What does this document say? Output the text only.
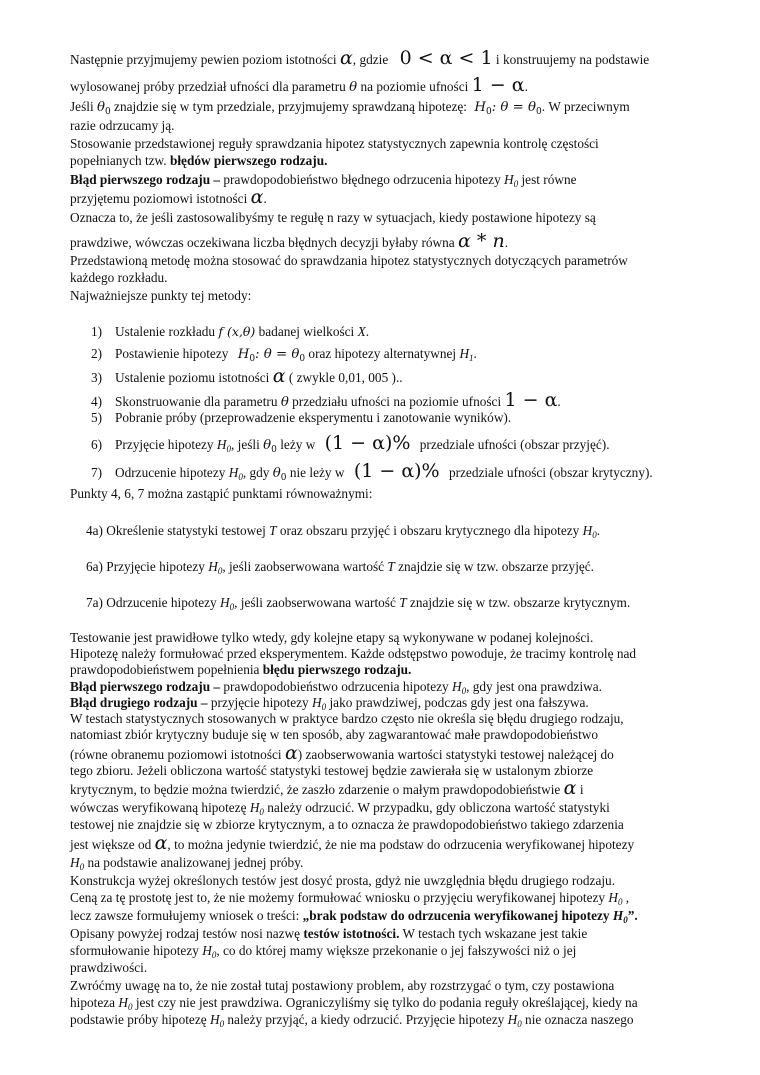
Następnie przyjmujemy pewien poziom istotności α, gdzie 0 < α < 1 i konstruujemy na podstawie
wylosowanej próby przedział ufności dla parametru θ na poziomie ufności 1 − α.
Jeśli $\theta_0$ znajdzie się w tym przedziale, przyjmujemy sprawdzaną hipotezę: $H_0$: $\theta = \theta_0$. W przeciwnym
razie odrzucamy ją.
Stosowanie przedstawionej reguły sprawdzania hipotez statystycznych zapewnia kontrolę częstości
popełnianych tzw. błędów pierwszego rodzaju.
Błąd pierwszego rodzaju – prawdopodobieństwo błędnego odrzucenia hipotezy $H_0$ jest równe
przyjętemu poziomowi istotności α.
Oznacza to, że jeśli zastosowalibyśmy te regułę n razy w sytuacjach, kiedy postawione hipotezy są
prawdziwe, wówczas oczekiwana liczba błędnych decyzji byłaby równa α * n.
Przedstawioną metodę można stosować do sprawdzania hipotez statystycznych dotyczących parametrów
każdego rozkładu.
Najważniejsze punkty tej metody:
1) Ustalenie rozkładu f (x,θ) badanej wielkości X.
2) Postawienie hipotezy $H_0$: $\theta = \theta_0$ oraz hipotezy alternatywnej $H_1$.
3) Ustalenie poziomu istotności α ( zwykle 0,01, 005 )..
4) Skonstruowanie dla parametru θ przedziału ufności na poziomie ufności 1 − α.
5) Pobranie próby (przeprowadzenie eksperymentu i zanotowanie wyników).
6) Przyjęcie hipotezy $H_0$, jeśli $\theta_0$ leży w (1 − α)% przedziale ufności (obszar przyjęć).
7) Odrzucenie hipotezy $H_0$, gdy $\theta_0$ nie leży w (1 − α)% przedziale ufności (obszar krytyczny).
Punkty 4, 6, 7 można zastąpić punktami równoważnymi:
4a) Określenie statystyki testowej T oraz obszaru przyjęć i obszaru krytycznego dla hipotezy $H_0$.
6a) Przyjęcie hipotezy $H_0$, jeśli zaobserwowana wartość T znajdzie się w tzw. obszarze przyjęć.
7a) Odrzucenie hipotezy $H_0$, jeśli zaobserwowana wartość T znajdzie się w tzw. obszarze krytycznym.
Testowanie jest prawidłowe tylko wtedy, gdy kolejne etapy są wykonywane w podanej kolejności.
Hipotezę należy formułować przed eksperymentem. Każde odstępstwo powoduje, że tracimy kontrolę nad
prawdopodobieństwem popełnienia błędu pierwszego rodzaju.
Błąd pierwszego rodzaju – prawdopodobieństwo odrzucenia hipotezy $H_0$, gdy jest ona prawdziwa.
Błąd drugiego rodzaju – przyjęcie hipotezy $H_0$ jako prawdziwej, podczas gdy jest ona fałszywa.
W testach statystycznych stosowanych w praktyce bardzo często nie określa się błędu drugiego rodzaju,
natomiast zbiór krytyczny buduje się w ten sposób, aby zagwarantować małe prawdopodobieństwo
(równe obranemu poziomowi istotności α) zaobserwowania wartości statystyki testowej należącej do
tego zbioru. Jeżeli obliczona wartość statystyki testowej będzie zawierała się w ustalonym zbiorze
krytycznym, to będzie można twierdzić, że zaszło zdarzenie o małym prawdopodobieństwie α i
wówczas weryfikowaną hipotezę $H_0$ należy odrzucić. W przypadku, gdy obliczona wartość statystyki
testowej nie znajdzie się w zbiorze krytycznym, a to oznacza że prawdopodobieństwo takiego zdarzenia
jest większe od α, to można jedynie twierdzić, że nie ma podstaw do odrzucenia weryfikowanej hipotezy
$H_0$ na podstawie analizowanej jednej próby.
Konstrukcja wyżej określonych testów jest dosyć prosta, gdyż nie uwzględnia błędu drugiego rodzaju.
Ceną za tę prostotę jest to, że nie możemy formułować wniosku o przyjęciu weryfikowanej hipotezy $H_0$ ,
lecz zawsze formułujemy wniosek o treści: „brak podstaw do odrzucenia weryfikowanej hipotezy $H_0$”.
Opisany powyżej rodzaj testów nosi nazwę testów istotności. W testach tych wskazane jest takie
sformułowanie hipotezy $H_0$, co do której mamy większe przekonanie o jej fałszywości niż o jej
prawdziwości.
Zwróćmy uwagę na to, że nie został tutaj postawiony problem, aby rozstrzygać o tym, czy postawiona
hipoteza $H_0$ jest czy nie jest prawdziwa. Ograniczyliśmy się tylko do podania reguły określającej, kiedy na
podstawie próby hipotezę $H_0$ należy przyjąć, a kiedy odrzucić. Przyjęcie hipotezy $H_0$ nie oznacza naszego
